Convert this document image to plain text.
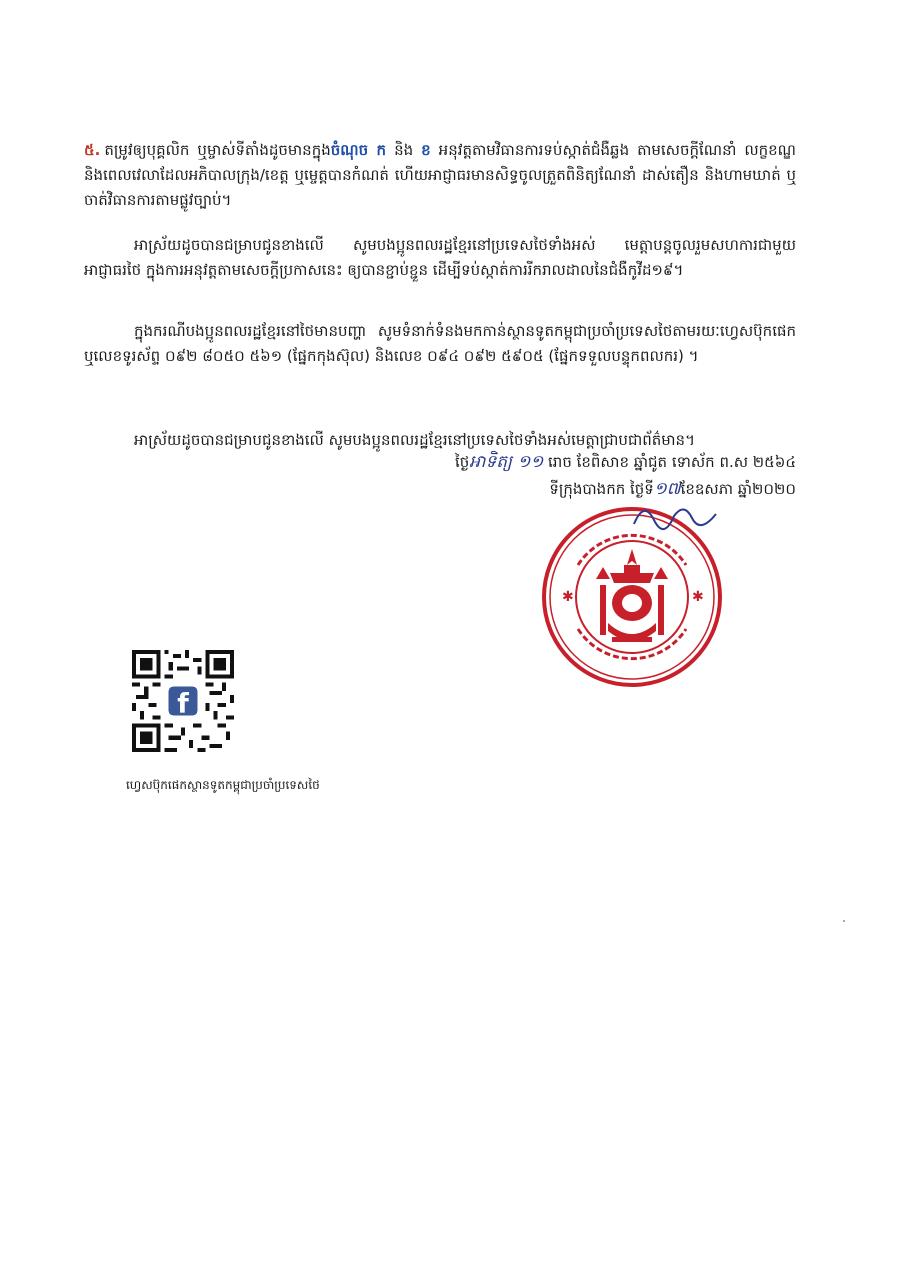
៥. តម្រូវឲ្យបុគ្គលិក ឬម្ចាស់ទីតាំងដូចមានក្នុងចំណុច ក និង ខ អនុវត្តតាមវិធានការទប់ស្កាត់ជំងឺឆ្លង តាមសេចក្តីណែនាំ លក្ខខណ្ឌ និងពេលវេលាដែលអភិបាលក្រុង/ខេត្ត ឬម្ចេត្តបានកំណត់ ហើយអាជ្ញាធរមានសិទ្ធចូលត្រួតពិនិត្យណែនាំ ដាស់តឿន និងហាមឃាត់ ឬចាត់វិធានការតាមផ្លូវច្បាប់។

អាស្រ័យដូចបានជម្រាបជូនខាងលើ សូមបងប្អូនពលរដ្ឋខ្មែរនៅប្រទេសថៃទាំងអស់ មេត្តាបន្តចូលរួមសហការជាមួយអាជ្ញាធរថៃ ក្នុងការអនុវត្តតាមសេចក្តីប្រកាសនេះ ឲ្យបានខ្ជាប់ខ្ជួន ដើម្បីទប់ស្កាត់ការរីករាលដាលនៃជំងឺកូវីដ១៩។

ក្នុងករណីបងប្អូនពលរដ្ឋខ្មែរនៅថៃមានបញ្ហា សូមទំនាក់ទំនងមកកាន់ស្ថានទូតកម្ពុជាប្រចាំប្រទេសថៃតាមរយៈហ្វេសប៊ុកផេក ឬលេខទូរស័ព្ទ ០៩២ ៨០៥០ ៥៦១ (ផ្នែកកុងស៊ុល) និងលេខ ០៩៤ ០៩២ ៥៩០៥ (ផ្នែកទទួលបន្ទុកពលករ) ។

អាស្រ័យដូចបានជម្រាបជូនខាងលើ សូមបងប្អូនពលរដ្ឋខ្មែរនៅប្រទេសថៃទាំងអស់មេត្តាជ្រាបជាព័ត៌មាន។

ថ្ងៃអាទិត្យ ១១ រោច ខែពិសាខ ឆ្នាំជូត ទោស័ក ព.ស ២៥៦៤
ទីក្រុងបាងកក ថ្ងៃទី១៧ខែឧសភា ឆ្នាំ២០២០
✱	✱
f
ហ្វេសប៊ុកផេកស្ថានទូតកម្ពុជាប្រចាំប្រទេសថៃ
